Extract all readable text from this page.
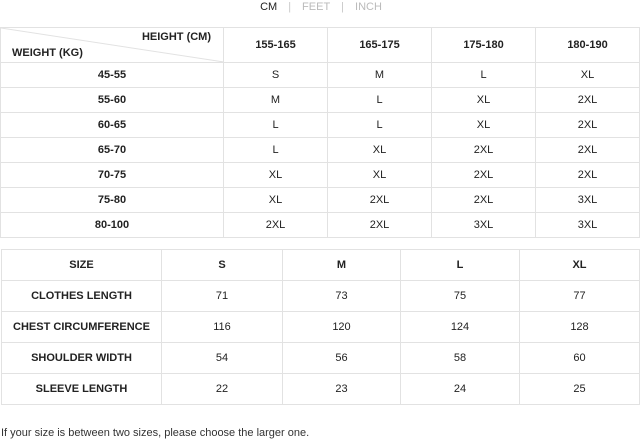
CM | FEET | INCH
HEIGHT (CM)
WEIGHT (KG)	155-165	165-175	175-180	180-190
45-55	S	M	L	XL
55-60	M	L	XL	2XL
60-65	L	L	XL	2XL
65-70	L	XL	2XL	2XL
70-75	XL	XL	2XL	2XL
75-80	XL	2XL	2XL	3XL
80-100	2XL	2XL	3XL	3XL
SIZE	S	M	L	XL
CLOTHES LENGTH	71	73	75	77
CHEST CIRCUMFERENCE	116	120	124	128
SHOULDER WIDTH	54	56	58	60
SLEEVE LENGTH	22	23	24	25
If your size is between two sizes, please choose the larger one.
